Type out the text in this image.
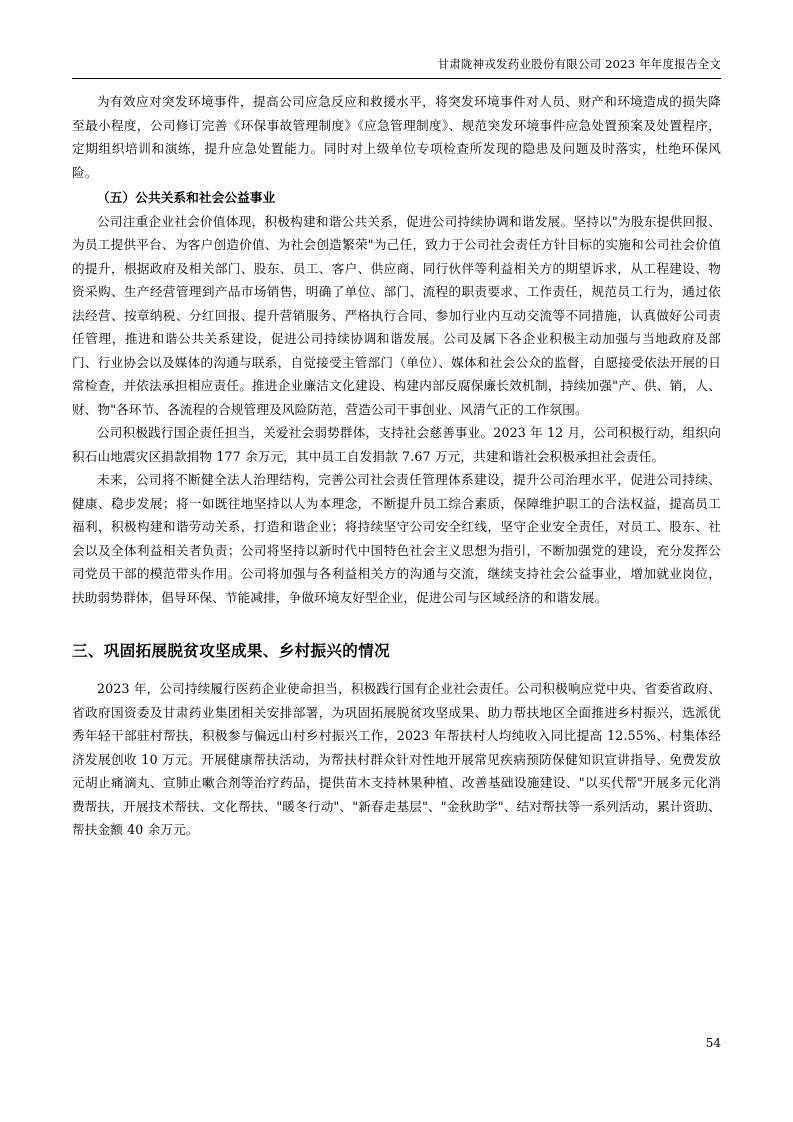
甘肃陇神戎发药业股份有限公司 2023 年年度报告全文

为有效应对突发环境事件，提高公司应急反应和救援水平，将突发环境事件对人员、财产和环境造成的损失降至最小程度，公司修订完善《环保事故管理制度》《应急管理制度》、规范突发环境事件应急处置预案及处置程序，定期组织培训和演练，提升应急处置能力。同时对上级单位专项检查所发现的隐患及问题及时落实，杜绝环保风险。

（五）公共关系和社会公益事业

公司注重企业社会价值体现，积极构建和谐公共关系，促进公司持续协调和谐发展。坚持以"为股东提供回报、为员工提供平台、为客户创造价值、为社会创造繁荣"为己任，致力于公司社会责任方针目标的实施和公司社会价值的提升，根据政府及相关部门、股东、员工、客户、供应商、同行伙伴等利益相关方的期望诉求，从工程建设、物资采购、生产经营管理到产品市场销售，明确了单位、部门、流程的职责要求、工作责任，规范员工行为，通过依法经营、按章纳税、分红回报、提升营销服务、严格执行合同、参加行业内互动交流等不同措施，认真做好公司责任管理，推进和谐公共关系建设，促进公司持续协调和谐发展。公司及属下各企业积极主动加强与当地政府及部门、行业协会以及媒体的沟通与联系，自觉接受主管部门（单位）、媒体和社会公众的监督，自愿接受依法开展的日常检查，并依法承担相应责任。推进企业廉洁文化建设、构建内部反腐保廉长效机制，持续加强"产、供、销，人、财、物"各环节、各流程的合规管理及风险防范，营造公司干事创业、风清气正的工作氛围。

公司积极践行国企责任担当，关爱社会弱势群体，支持社会慈善事业。2023 年 12 月，公司积极行动，组织向积石山地震灾区捐款捐物 177 余万元，其中员工自发捐款 7.67 万元，共建和谐社会积极承担社会责任。

未来，公司将不断健全法人治理结构，完善公司社会责任管理体系建设，提升公司治理水平，促进公司持续、健康、稳步发展；将一如既往地坚持以人为本理念，不断提升员工综合素质，保障维护职工的合法权益，提高员工福利，积极构建和谐劳动关系，打造和谐企业；将持续坚守公司安全红线，坚守企业安全责任，对员工、股东、社会以及全体利益相关者负责；公司将坚持以新时代中国特色社会主义思想为指引，不断加强党的建设，充分发挥公司党员干部的模范带头作用。公司将加强与各利益相关方的沟通与交流，继续支持社会公益事业，增加就业岗位，扶助弱势群体，倡导环保、节能减排，争做环境友好型企业，促进公司与区域经济的和谐发展。

三、巩固拓展脱贫攻坚成果、乡村振兴的情况

2023 年，公司持续履行医药企业使命担当，积极践行国有企业社会责任。公司积极响应党中央、省委省政府、省政府国资委及甘肃药业集团相关安排部署，为巩固拓展脱贫攻坚成果、助力帮扶地区全面推进乡村振兴，选派优秀年轻干部驻村帮扶，积极参与偏远山村乡村振兴工作，2023 年帮扶村人均纯收入同比提高 12.55%、村集体经济发展创收 10 万元。开展健康帮扶活动，为帮扶村群众针对性地开展常见疾病预防保健知识宣讲指导、免费发放元胡止痛滴丸、宣肺止嗽合剂等治疗药品，提供苗木支持林果种植、改善基础设施建设、"以买代帮"开展多元化消费帮扶，开展技术帮扶、文化帮扶、"暖冬行动"、"新春走基层"、"金秋助学"、结对帮扶等一系列活动，累计资助、帮扶金额 40 余万元。

54
